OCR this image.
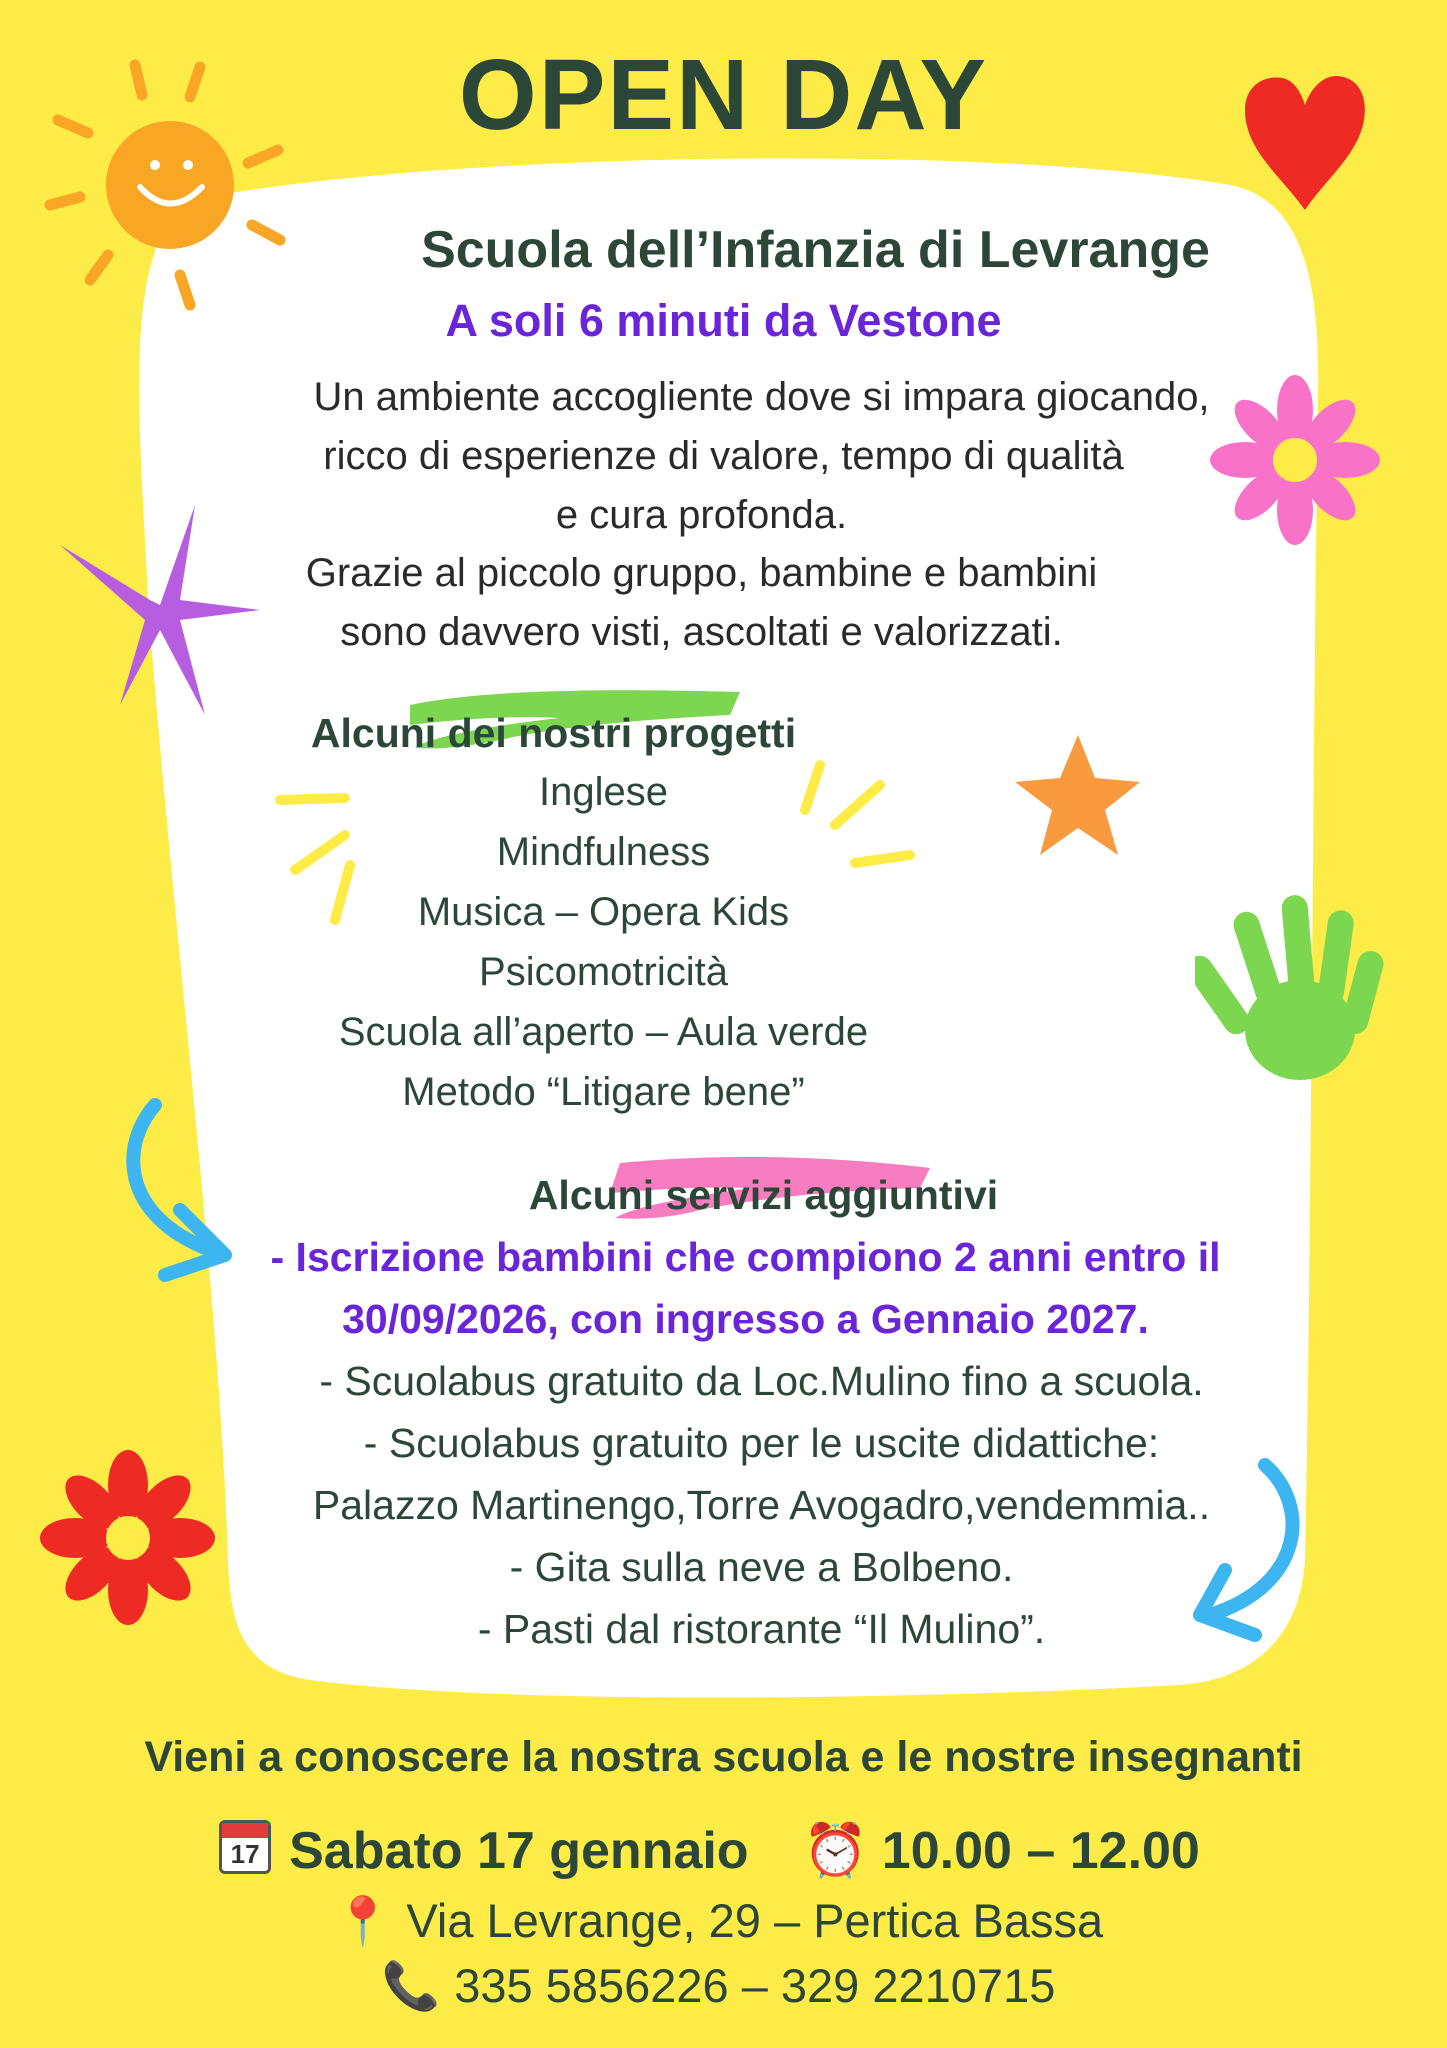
OPEN DAY
Scuola dell’Infanzia di Levrange
A soli 6 minuti da Vestone
Un ambiente accogliente dove si impara giocando,
ricco di esperienze di valore, tempo di qualità
e cura profonda.
Grazie al piccolo gruppo, bambine e bambini
sono davvero visti, ascoltati e valorizzati.
Alcuni dei nostri progetti
Inglese
Mindfulness
Musica – Opera Kids
Psicomotricità
Scuola all’aperto – Aula verde
Metodo “Litigare bene”
Alcuni servizi aggiuntivi
- Iscrizione bambini che compiono 2 anni entro il
30/09/2026, con ingresso a Gennaio 2027.
- Scuolabus gratuito da Loc.Mulino fino a scuola.
- Scuolabus gratuito per le uscite didattiche:
Palazzo Martinengo,Torre Avogadro,vendemmia..
- Gita sulla neve a Bolbeno.
- Pasti dal ristorante “Il Mulino”.
Vieni a conoscere la nostra scuola e le nostre insegnanti
17 Sabato 17 gennaio ⏰ 10.00 – 12.00
📍 Via Levrange, 29 – Pertica Bassa
📞 335 5856226 – 329 2210715
